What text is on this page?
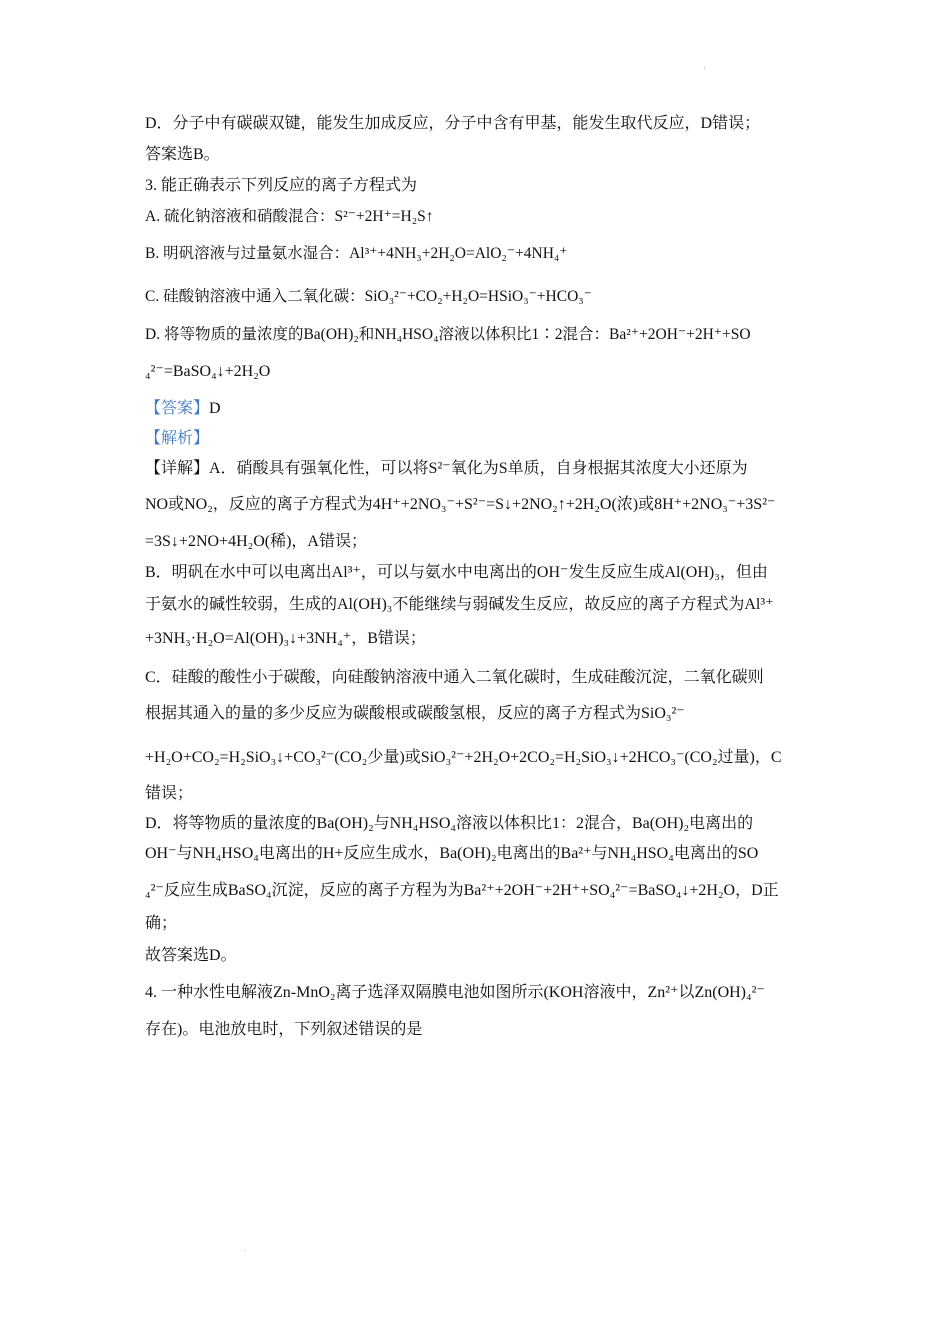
D．分子中有碳碳双键，能发生加成反应，分子中含有甲基，能发生取代反应，D错误；
答案选B。
3. 能正确表示下列反应的离子方程式为
A. 硫化钠溶液和硝酸混合：S²⁻+2H⁺=H₂S↑
B. 明矾溶液与过量氨水湿合：Al³⁺+4NH₃+2H₂O=AlO₂⁻+4NH₄⁺
C. 硅酸钠溶液中通入二氧化碳：SiO₃²⁻+CO₂+H₂O=HSiO₃⁻+HCO₃⁻
D. 将等物质的量浓度的Ba(OH)₂和NH₄HSO₄溶液以体积比1∶2混合：Ba²⁺+2OH⁻+2H⁺+SO
₄²⁻=BaSO₄↓+2H₂O
【详解】A．硝酸具有强氧化性，可以将S²⁻氧化为S单质，自身根据其浓度大小还原为
NO或NO₂，反应的离子方程式为4H⁺+2NO₃⁻+S²⁻=S↓+2NO₂↑+2H₂O(浓)或8H⁺+2NO₃⁻+3S²⁻
=3S↓+2NO+4H₂O(稀)，A错误；
B．明矾在水中可以电离出Al³⁺，可以与氨水中电离出的OH⁻发生反应生成Al(OH)₃，但由
于氨水的碱性较弱，生成的Al(OH)₃不能继续与弱碱发生反应，故反应的离子方程式为Al³⁺
+3NH₃·H₂O=Al(OH)₃↓+3NH₄⁺，B错误；
C．硅酸的酸性小于碳酸，向硅酸钠溶液中通入二氧化碳时，生成硅酸沉淀，二氧化碳则
根据其通入的量的多少反应为碳酸根或碳酸氢根，反应的离子方程式为SiO₃²⁻
+H₂O+CO₂=H₂SiO₃↓+CO₃²⁻(CO₂少量)或SiO₃²⁻+2H₂O+2CO₂=H₂SiO₃↓+2HCO₃⁻(CO₂过量)，C
错误；
D．将等物质的量浓度的Ba(OH)₂与NH₄HSO₄溶液以体积比1：2混合，Ba(OH)₂电离出的
OH⁻与NH₄HSO₄电离出的H+反应生成水，Ba(OH)₂电离出的Ba²⁺与NH₄HSO₄电离出的SO
₄²⁻反应生成BaSO₄沉淀，反应的离子方程为为Ba²⁺+2OH⁻+2H⁺+SO₄²⁻=BaSO₄↓+2H₂O，D正
确；
故答案选D。
4. 一种水性电解液Zn-MnO₂离子选泽双隔膜电池如图所示(KOH溶液中，Zn²⁺以Zn(OH)₄²⁻
存在)。电池放电时，下列叙述错误的是
'
.
【答案】D
【解析】
